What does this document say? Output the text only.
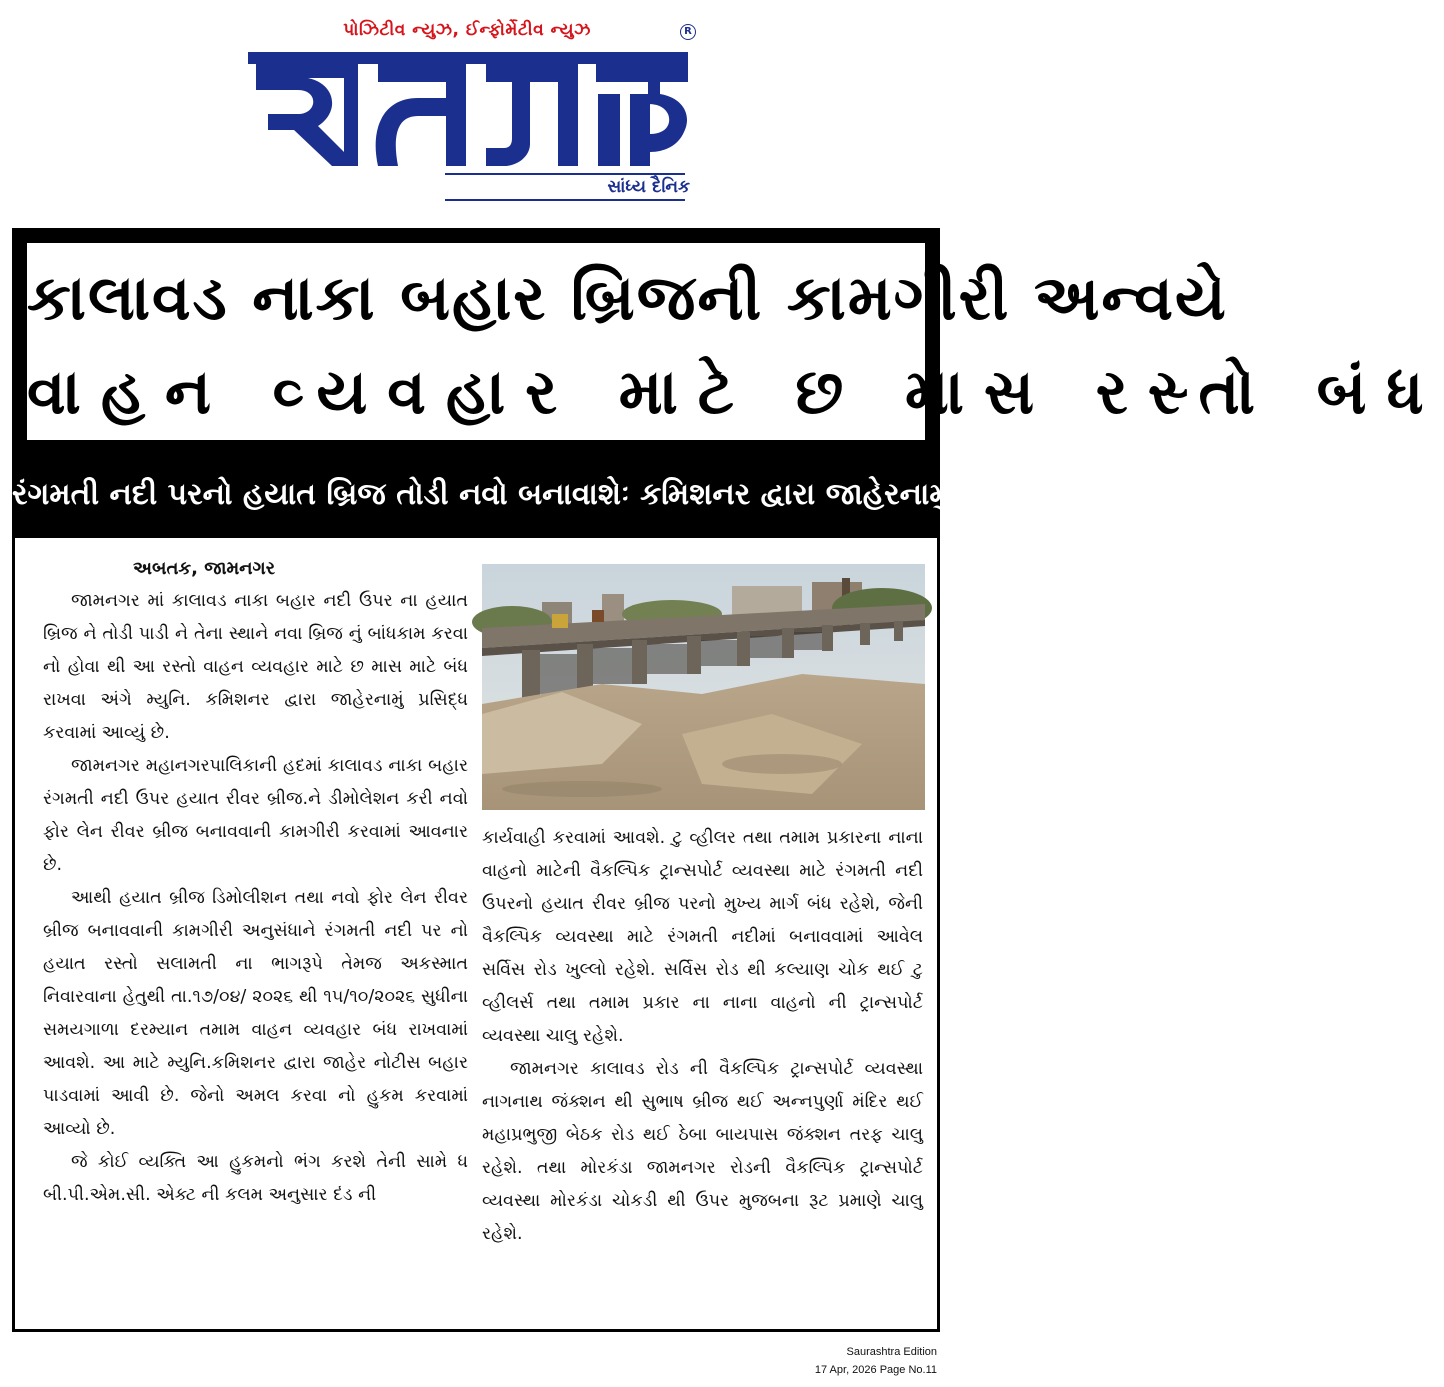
પોઝિટીવ ન્યુઝ, ઈન્ફોર્મેટીવ ન્યુઝ	R
સાંધ્ય દૈનિક
કાલાવડ નાકા બહાર બ્રિજની કામગીરી અન્વયે
વાહન વ્યવહાર માટે છ માસ રસ્તો બંધ
રંગમતી નદી પરનો હયાત બ્રિજ તોડી નવો બનાવાશેઃ કમિશનર દ્વારા જાહેરનામું પ્રસિદ્ધ કરાયું
અબતક, જામનગર

જામનગર માં કાલાવડ નાકા બહાર નદી ઉપર ના હયાત બ્રિજ ને તોડી પાડી ને તેના સ્થાને નવા બ્રિજ નું બાંધકામ કરવા નો હોવા થી આ રસ્તો વાહન વ્યવહાર માટે છ માસ માટે બંધ રાખવા અંગે મ્યુનિ. કમિશનર દ્વારા જાહેરનામું પ્રસિદ્ધ કરવામાં આવ્યું છે.

જામનગર મહાનગરપાલિકાની હદમાં કાલાવડ નાકા બહાર રંગમતી નદી ઉપર હયાત રીવર બ્રીજ.ને ડીમોલેશન કરી નવો ફોર લેન રીવર બ્રીજ બનાવવાની કામગીરી કરવામાં આવનાર છે.

આથી હયાત બ્રીજ ડિમોલીશન તથા નવો ફોર લેન રીવર બ્રીજ બનાવવાની કામગીરી અનુસંધાને રંગમતી નદી પર નો હયાત રસ્તો સલામતી ના ભાગરૂપે તેમજ અકસ્માત નિવારવાના હેતુથી તા.૧૭/૦૪/ ૨૦૨૬ થી ૧૫/૧૦/૨૦૨૬ સુધીના સમયગાળા દરમ્યાન તમામ વાહન વ્યવહાર બંધ રાખવામાં આવશે. આ માટે મ્યુનિ.કમિશનર દ્વારા જાહેર નોટીસ બહાર પાડવામાં આવી છે. જેનો અમલ કરવા નો હુકમ કરવામાં આવ્યો છે.

જે કોઈ વ્યક્તિ આ હુકમનો ભંગ કરશે તેની સામે ધ બી.પી.એમ.સી. એક્ટ ની કલમ અનુસાર દંડ ની

કાર્યવાહી કરવામાં આવશે. ટુ વ્હીલર તથા તમામ પ્રકારના નાના વાહનો માટેની વૈકલ્પિક ટ્રાન્સપોર્ટ વ્યવસ્થા માટે રંગમતી નદી ઉપરનો હયાત રીવર બ્રીજ પરનો મુખ્ય માર્ગ બંધ રહેશે, જેની વૈકલ્પિક વ્યવસ્થા માટે રંગમતી નદીમાં બનાવવામાં આવેલ સર્વિસ રોડ ખુલ્લો રહેશે. સર્વિસ રોડ થી કલ્યાણ ચોક થઈ ટુ વ્હીલર્સ તથા તમામ પ્રકાર ના નાના વાહનો ની ટ્રાન્સપોર્ટ વ્યવસ્થા ચાલુ રહેશે.

જામનગર કાલાવડ રોડ ની વૈકલ્પિક ટ્રાન્સપોર્ટ વ્યવસ્થા નાગનાથ જંક્શન થી સુભાષ બ્રીજ થઈ અન્નપુર્ણા મંદિર થઈ મહાપ્રભુજી બેઠક રોડ થઈ ઠેબા બાયપાસ જંક્શન તરફ ચાલુ રહેશે. તથા મોરકંડા જામનગર રોડની વૈકલ્પિક ટ્રાન્સપોર્ટ વ્યવસ્થા મોરકંડા ચોકડી થી ઉપર મુજબના રૂટ પ્રમાણે ચાલુ રહેશે.

Saurashtra Edition
17 Apr, 2026 Page No.11
